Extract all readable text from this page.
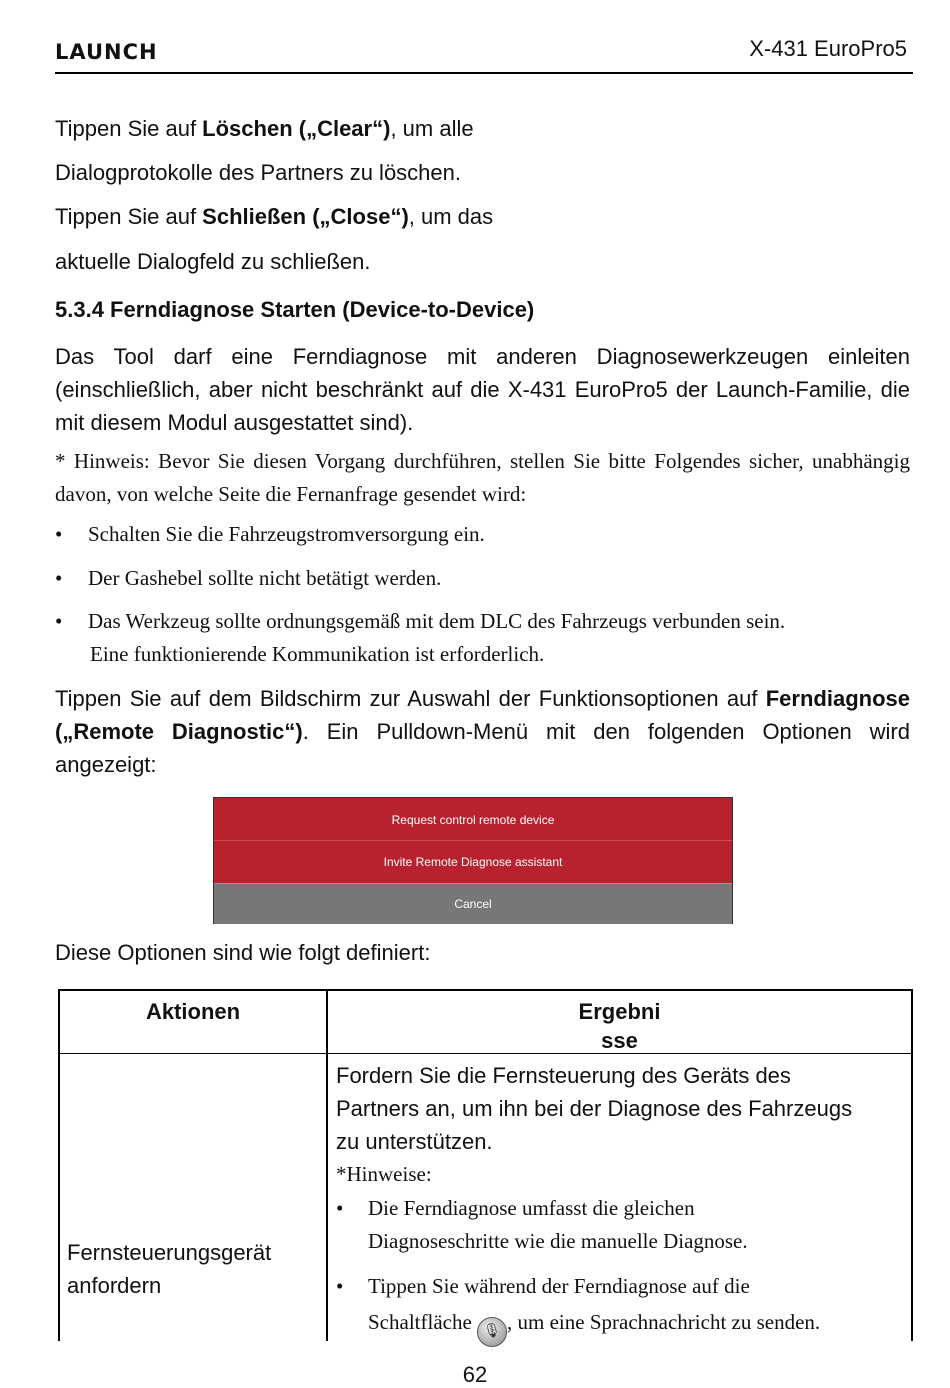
LAUNCH	X-431 EuroPro5
Tippen Sie auf Löschen („Clear“), um alle
Dialogprotokolle des Partners zu löschen.
Tippen Sie auf Schließen („Close“), um das
aktuelle Dialogfeld zu schließen.
5.3.4 Ferndiagnose Starten (Device-to-Device)
Das Tool darf eine Ferndiagnose mit anderen Diagnosewerkzeugen einleiten (einschließlich, aber nicht beschränkt auf die X-431 EuroPro5 der Launch-Familie, die mit diesem Modul ausgestattet sind).
* Hinweis: Bevor Sie diesen Vorgang durchführen, stellen Sie bitte Folgendes sicher, unabhängig davon, von welche Seite die Fernanfrage gesendet wird:
• Schalten Sie die Fahrzeugstromversorgung ein.
• Der Gashebel sollte nicht betätigt werden.
• Das Werkzeug sollte ordnungsgemäß mit dem DLC des Fahrzeugs verbunden sein.
Eine funktionierende Kommunikation ist erforderlich.
Tippen Sie auf dem Bildschirm zur Auswahl der Funktionsoptionen auf Ferndiagnose („Remote Diagnostic“). Ein Pulldown-Menü mit den folgenden Optionen wird angezeigt:
Request control remote device
Invite Remote Diagnose assistant
Cancel
Diese Optionen sind wie folgt definiert:
Aktionen	Ergebni
sse
Fernsteuerungsgerät
anfordern
Fordern Sie die Fernsteuerung des Geräts des
Partners an, um ihn bei der Diagnose des Fahrzeugs
zu unterstützen.
*Hinweise:
• Die Ferndiagnose umfasst die gleichen
Diagnoseschritte wie die manuelle Diagnose.
• Tippen Sie während der Ferndiagnose auf die
Schaltfläche 🎙 , um eine Sprachnachricht zu senden.
62
